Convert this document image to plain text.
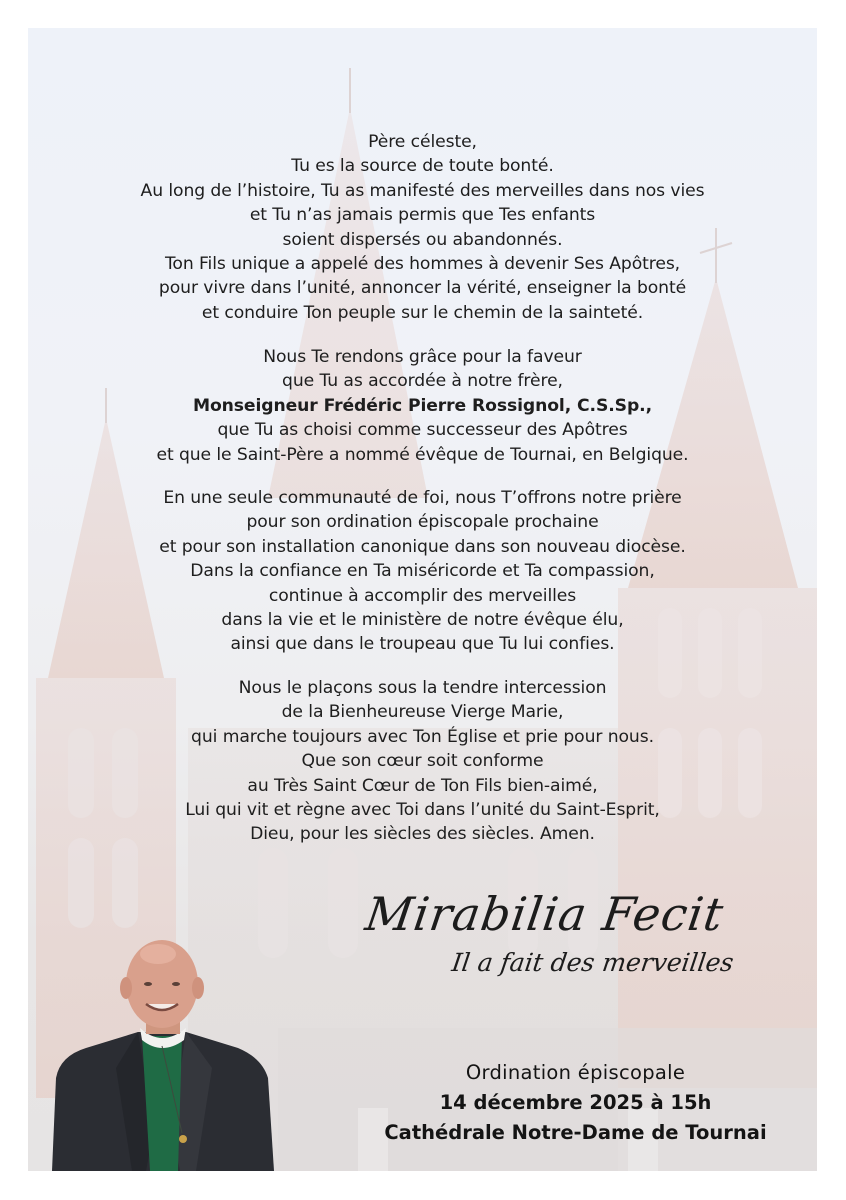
Père céleste,
Tu es la source de toute bonté.
Au long de l’histoire, Tu as manifesté des merveilles dans nos vies
et Tu n’as jamais permis que Tes enfants
soient dispersés ou abandonnés.
Ton Fils unique a appelé des hommes à devenir Ses Apôtres,
pour vivre dans l’unité, annoncer la vérité, enseigner la bonté
et conduire Ton peuple sur le chemin de la sainteté.

Nous Te rendons grâce pour la faveur
que Tu as accordée à notre frère,
Monseigneur Frédéric Pierre Rossignol, C.S.Sp.,
que Tu as choisi comme successeur des Apôtres
et que le Saint-Père a nommé évêque de Tournai, en Belgique.

En une seule communauté de foi, nous T’offrons notre prière
pour son ordination épiscopale prochaine
et pour son installation canonique dans son nouveau diocèse.
Dans la confiance en Ta miséricorde et Ta compassion,
continue à accomplir des merveilles
dans la vie et le ministère de notre évêque élu,
ainsi que dans le troupeau que Tu lui confies.

Nous le plaçons sous la tendre intercession
de la Bienheureuse Vierge Marie,
qui marche toujours avec Ton Église et prie pour nous.
Que son cœur soit conforme
au Très Saint Cœur de Ton Fils bien-aimé,
Lui qui vit et règne avec Toi dans l’unité du Saint-Esprit,
Dieu, pour les siècles des siècles. Amen.

Mirabilia Fecit
Il a fait des merveilles
Ordination épiscopale
14 décembre 2025 à 15h
Cathédrale Notre-Dame de Tournai
